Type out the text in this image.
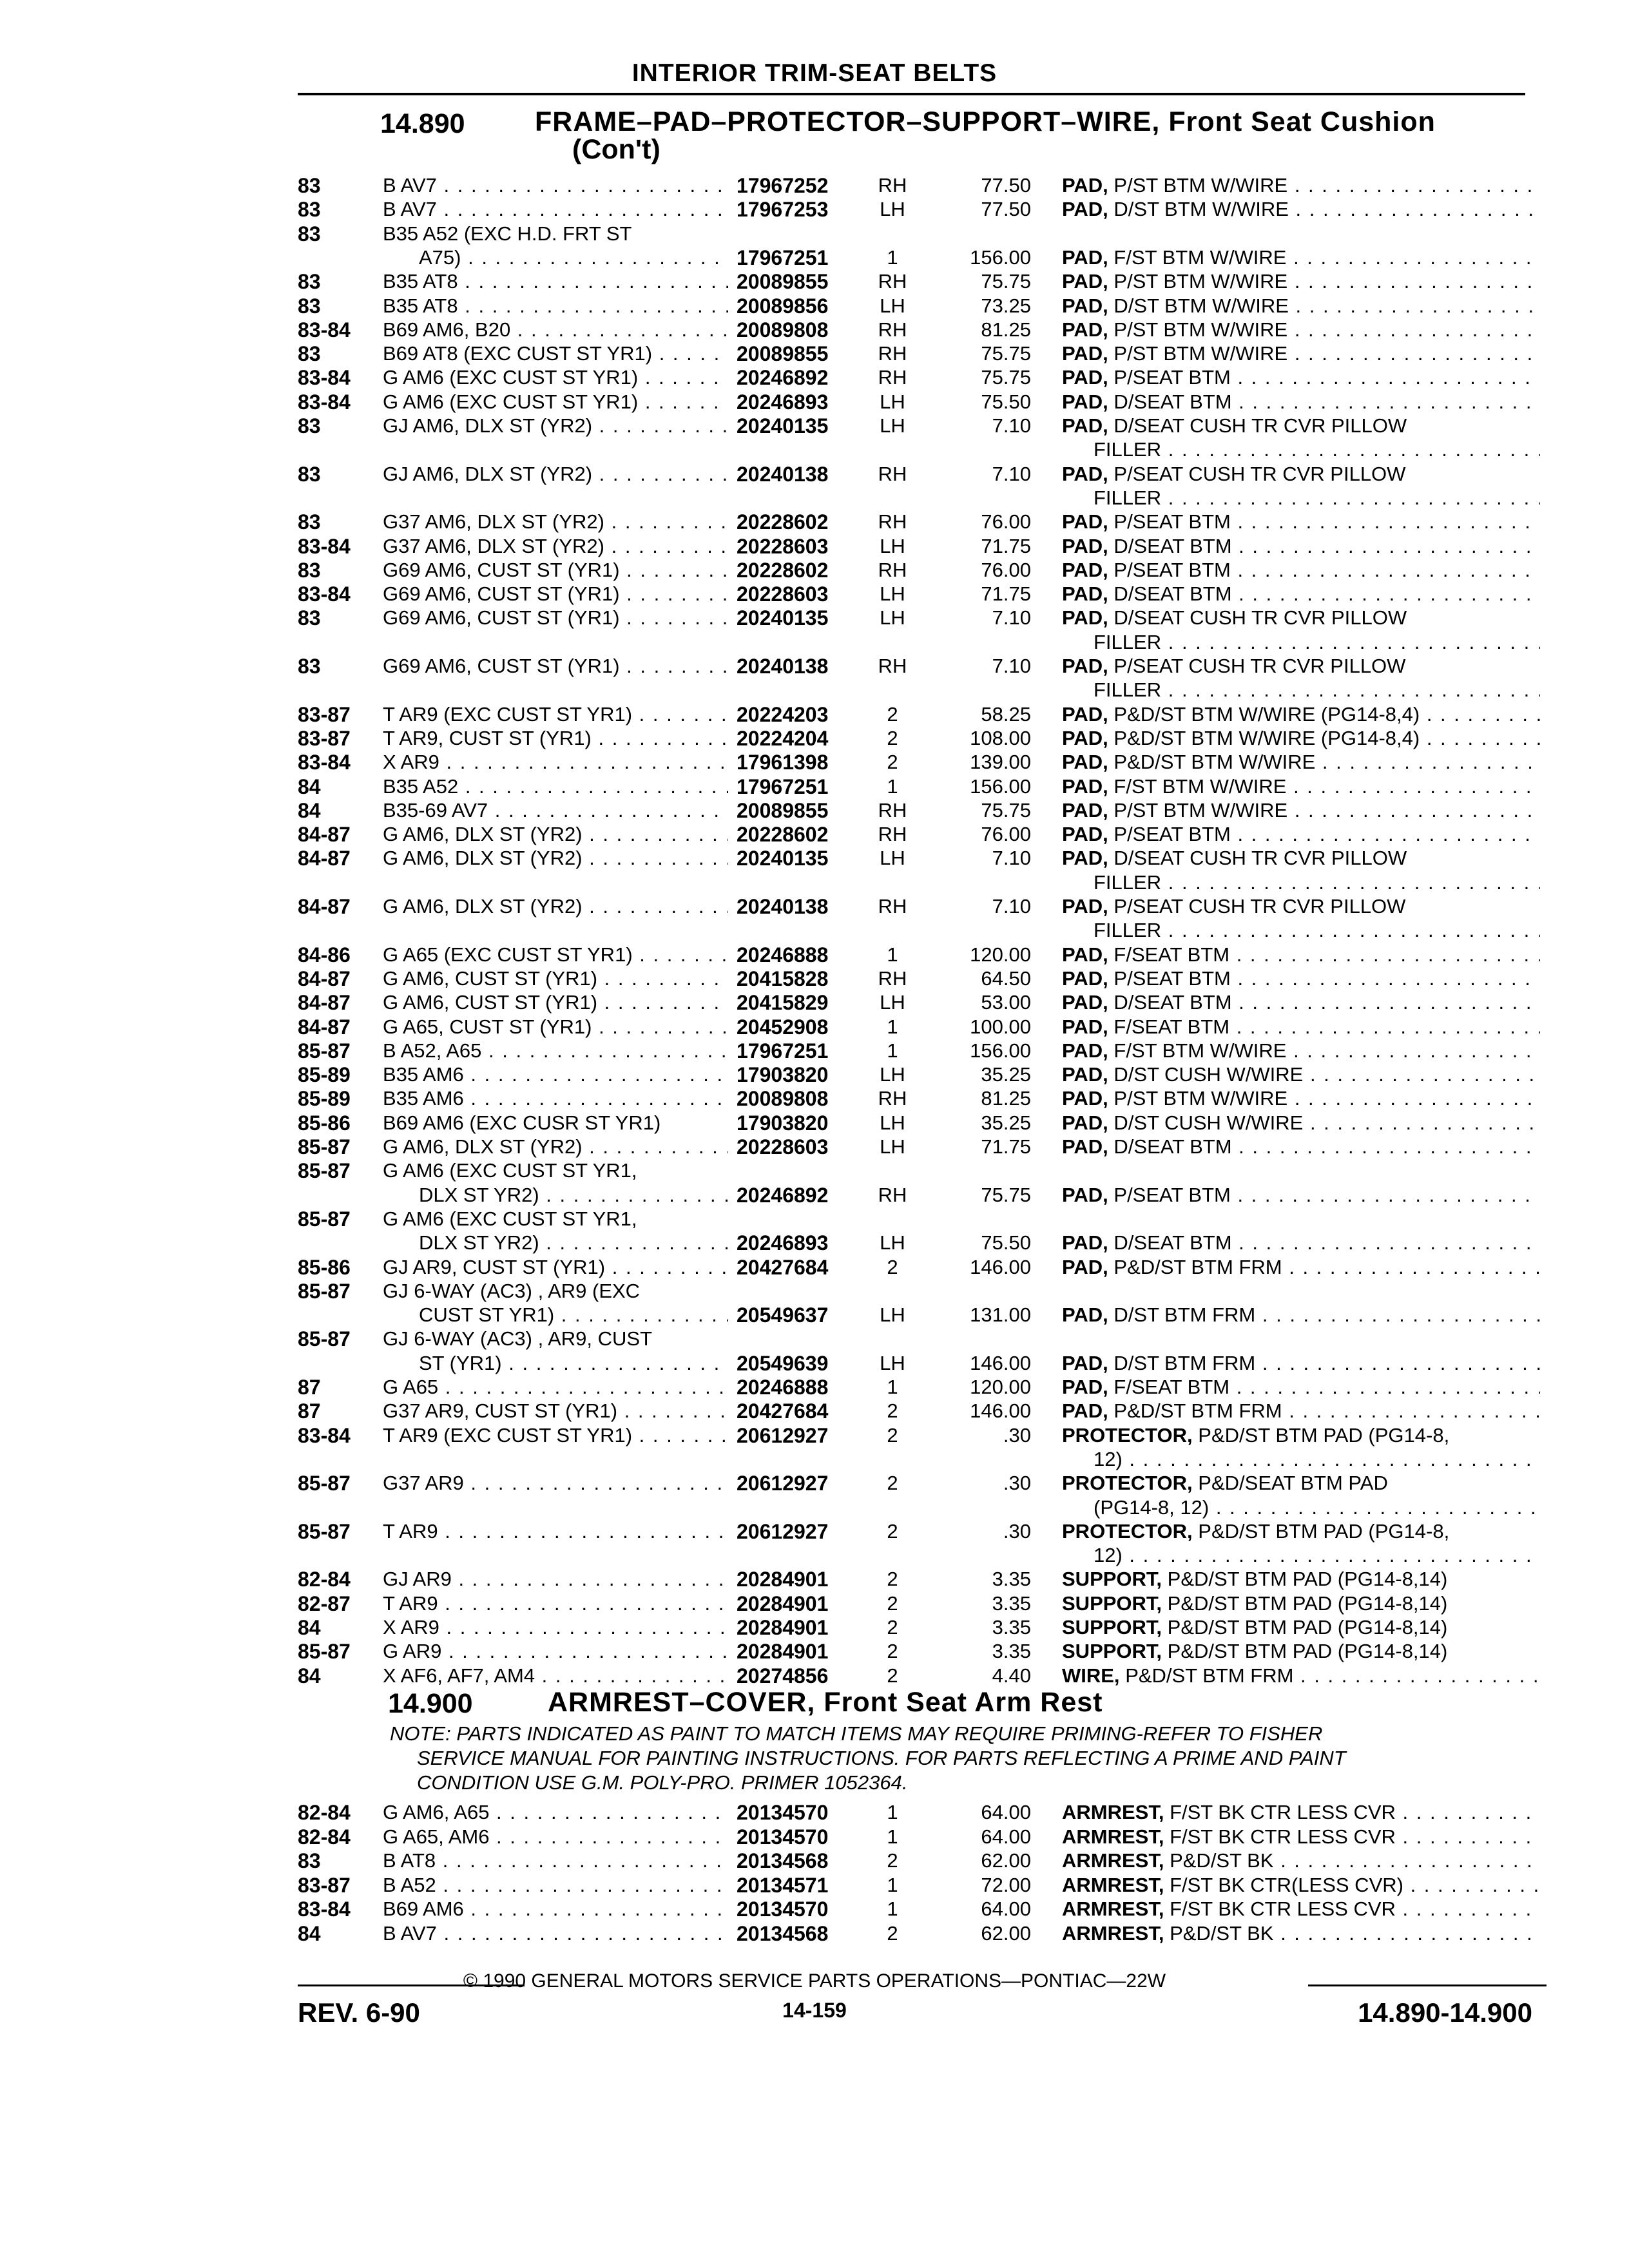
INTERIOR TRIM-SEAT BELTS
14.890	FRAME–PAD–PROTECTOR–SUPPORT–WIRE, Front Seat Cushion
(Con't)
83	B AV7 . . .	17967252 RH	77.50 PAD, P/ST BTM W/WIRE . . .
83	B AV7 . . .	17967253	LH	77.50 PAD, D/ST BTM W/WIRE . . .
83	B35 A52 (EXC H.D. FRT ST
A75) . . .	17967251	1	156.00 PAD, F/ST BTM W/WIRE . . .
83	B35 AT8 . . .	20089855 RH	75.75 PAD, P/ST BTM W/WIRE . . .
83	B35 AT8 . . .	20089856	LH	73.25 PAD, D/ST BTM W/WIRE . . .
83-84 B69 AM6, B20 . . .	20089808 RH	81.25 PAD, P/ST BTM W/WIRE . . .
83	B69 AT8 (EXC CUST ST YR1) . . .	20089855 RH	75.75 PAD, P/ST BTM W/WIRE . . .
83-84 G AM6 (EXC CUST ST YR1) . . .	20246892 RH	75.75 PAD, P/SEAT BTM . . .
83-84 G AM6 (EXC CUST ST YR1) . . .	20246893	LH	75.50 PAD, D/SEAT BTM . . .
83	GJ AM6, DLX ST (YR2) . . .	20240135	LH	7.10 PAD, D/SEAT CUSH TR CVR PILLOW
FILLER . . .
83	GJ AM6, DLX ST (YR2) . . .	20240138 RH	7.10 PAD, P/SEAT CUSH TR CVR PILLOW
FILLER . . .
83	G37 AM6, DLX ST (YR2) . . .	20228602 RH	76.00 PAD, P/SEAT BTM . . .
83-84 G37 AM6, DLX ST (YR2) . . .	20228603	LH	71.75 PAD, D/SEAT BTM . . .
83	G69 AM6, CUST ST (YR1) . . .	20228602 RH	76.00 PAD, P/SEAT BTM . . .
83-84 G69 AM6, CUST ST (YR1) . . .	20228603	LH	71.75 PAD, D/SEAT BTM . . .
83	G69 AM6, CUST ST (YR1) . . .	20240135	LH	7.10 PAD, D/SEAT CUSH TR CVR PILLOW
FILLER . . .
83	G69 AM6, CUST ST (YR1) . . .	20240138 RH	7.10 PAD, P/SEAT CUSH TR CVR PILLOW
FILLER . . .
83-87 T AR9 (EXC CUST ST YR1) . . .	20224203	2	58.25 PAD, P&D/ST BTM W/WIRE (PG14-8,4) . . .
83-87 T AR9, CUST ST (YR1) . . .	20224204	2	108.00 PAD, P&D/ST BTM W/WIRE (PG14-8,4) . . .
83-84 X AR9 . . .	17961398	2	139.00 PAD, P&D/ST BTM W/WIRE . . .
84	B35 A52 . . .	17967251	1	156.00 PAD, F/ST BTM W/WIRE . . .
84	B35-69 AV7 . . .	20089855 RH	75.75 PAD, P/ST BTM W/WIRE . . .
84-87 G AM6, DLX ST (YR2) . . .	20228602 RH	76.00 PAD, P/SEAT BTM . . .
84-87 G AM6, DLX ST (YR2) . . .	20240135	LH	7.10 PAD, D/SEAT CUSH TR CVR PILLOW
FILLER . . .
84-87 G AM6, DLX ST (YR2) . . .	20240138 RH	7.10 PAD, P/SEAT CUSH TR CVR PILLOW
FILLER . . .
84-86 G A65 (EXC CUST ST YR1) . . .	20246888	1	120.00 PAD, F/SEAT BTM . . .
84-87 G AM6, CUST ST (YR1) . . .	20415828 RH	64.50 PAD, P/SEAT BTM . . .
84-87 G AM6, CUST ST (YR1) . . .	20415829	LH	53.00 PAD, D/SEAT BTM . . .
84-87 G A65, CUST ST (YR1) . . .	20452908	1	100.00 PAD, F/SEAT BTM . . .
85-87 B A52, A65 . . .	17967251	1	156.00 PAD, F/ST BTM W/WIRE . . .
85-89 B35 AM6 . . .	17903820	LH	35.25 PAD, D/ST CUSH W/WIRE . . .
85-89 B35 AM6 . . .	20089808 RH	81.25 PAD, P/ST BTM W/WIRE . . .
85-86 B69 AM6 (EXC CUSR ST YR1)	17903820	LH	35.25 PAD, D/ST CUSH W/WIRE . . .
85-87 G AM6, DLX ST (YR2) . . .	20228603	LH	71.75 PAD, D/SEAT BTM . . .
85-87 G AM6 (EXC CUST ST YR1,
DLX ST YR2) . . .	20246892 RH	75.75 PAD, P/SEAT BTM . . .
85-87 G AM6 (EXC CUST ST YR1,
DLX ST YR2) . . .	20246893	LH	75.50 PAD, D/SEAT BTM . . .
85-86 GJ AR9, CUST ST (YR1) . . .	20427684	2	146.00 PAD, P&D/ST BTM FRM . . .
85-87 GJ 6-WAY (AC3) , AR9 (EXC
CUST ST YR1) . . .	20549637	LH	131.00 PAD, D/ST BTM FRM . . .
85-87 GJ 6-WAY (AC3) , AR9, CUST
ST (YR1) . . .	20549639	LH	146.00 PAD, D/ST BTM FRM . . .
87	G A65 . . .	20246888	1	120.00 PAD, F/SEAT BTM . . .
87	G37 AR9, CUST ST (YR1) . . .	20427684	2	146.00 PAD, P&D/ST BTM FRM . . .
83-84 T AR9 (EXC CUST ST YR1) . . .	20612927	2	.30 PROTECTOR, P&D/ST BTM PAD (PG14-8,
12) . . .
85-87 G37 AR9 . . .	20612927	2	.30 PROTECTOR, P&D/SEAT BTM PAD
(PG14-8, 12) . . .
85-87 T AR9 . . .	20612927	2	.30 PROTECTOR, P&D/ST BTM PAD (PG14-8,
12) . . .
82-84 GJ AR9 . . .	20284901	2	3.35 SUPPORT, P&D/ST BTM PAD (PG14-8,14)
82-87 T AR9 . . .	20284901	2	3.35 SUPPORT, P&D/ST BTM PAD (PG14-8,14)
84	X AR9 . . .	20284901	2	3.35 SUPPORT, P&D/ST BTM PAD (PG14-8,14)
85-87 G AR9 . . .	20284901	2	3.35 SUPPORT, P&D/ST BTM PAD (PG14-8,14)
84	X AF6, AF7, AM4 . . .	20274856	2	4.40 WIRE, P&D/ST BTM FRM . . .
14.900	ARMREST–COVER, Front Seat Arm Rest
NOTE: PARTS INDICATED AS PAINT TO MATCH ITEMS MAY REQUIRE PRIMING-REFER TO FISHER
SERVICE MANUAL FOR PAINTING INSTRUCTIONS. FOR PARTS REFLECTING A PRIME AND PAINT
CONDITION USE G.M. POLY-PRO. PRIMER 1052364.
82-84 G AM6, A65 . . .	20134570	1	64.00 ARMREST, F/ST BK CTR LESS CVR . . .
82-84 G A65, AM6 . . .	20134570	1	64.00 ARMREST, F/ST BK CTR LESS CVR . . .
83	B AT8 . . .	20134568	2	62.00 ARMREST, P&D/ST BK . . .
83-87 B A52 . . .	20134571	1	72.00 ARMREST, F/ST BK CTR(LESS CVR) . . .
83-84 B69 AM6 . . .	20134570	1	64.00 ARMREST, F/ST BK CTR LESS CVR . . .
84	B AV7 . . .	20134568	2	62.00 ARMREST, P&D/ST BK . . .
© 1990 GENERAL MOTORS SERVICE PARTS OPERATIONS—PONTIAC—22W
REV. 6-90	14-159	14.890-14.900
